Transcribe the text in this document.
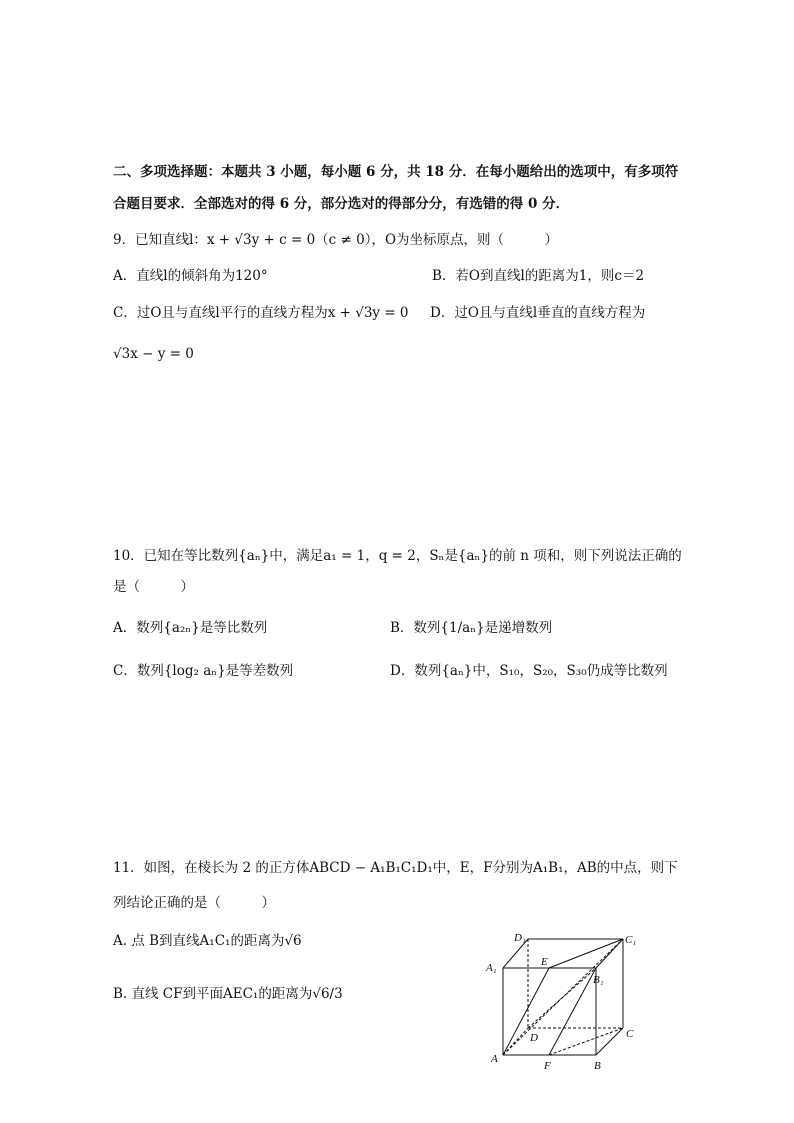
二、多项选择题：本题共 3 小题，每小题 6 分，共 18 分．在每小题给出的选项中，有多项符
合题目要求．全部选对的得 6 分，部分选对的得部分分，有选错的得 0 分．
9．已知直线l：x + √3y + c = 0（c ≠ 0），O为坐标原点，则（　　　）
A．直线l的倾斜角为120°	B．若O到直线l的距离为1，则c＝2
C．过O且与直线l平行的直线方程为x + √3y = 0 D．过O且与直线l垂直的直线方程为
√3x − y = 0
10．已知在等比数列{aₙ}中，满足a₁ = 1，q = 2，Sₙ是{aₙ}的前 n 项和，则下列说法正确的
是（　　　）
A．数列{a₂ₙ}是等比数列	B．数列{1/aₙ}是递增数列
C．数列{log₂ aₙ}是等差数列	D．数列{aₙ}中，S₁₀，S₂₀，S₃₀仍成等比数列
11．如图，在棱长为 2 的正方体ABCD − A₁B₁C₁D₁中，E，F分别为A₁B₁，AB的中点，则下
列结论正确的是（　　　）
A. 点 B到直线A₁C₁的距离为√6
B. 直线 CF到平面AEC₁的距离为√6/3
D₁	C₁
A₁	E
B₁
D	C
A
F	B
